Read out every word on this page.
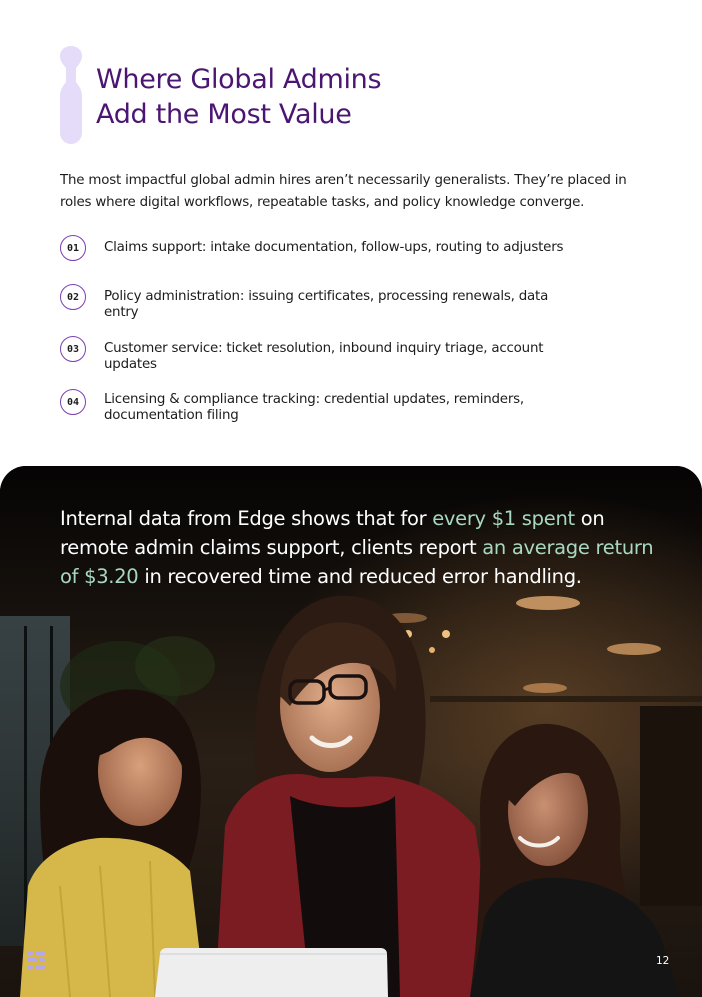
Where Global Admins
Add the Most Value

The most impactful global admin hires aren’t necessarily generalists. They’re placed in roles where digital workflows, repeatable tasks, and policy knowledge converge.

01	Claims support: intake documentation, follow-ups, routing to adjusters
02	Policy administration: issuing certificates, processing renewals, data entry
03	Customer service: ticket resolution, inbound inquiry triage, account updates
04	Licensing & compliance tracking: credential updates, reminders, documentation filing

Internal data from Edge shows that for every $1 spent on remote admin claims support, clients report an average return of $3.20 in recovered time and reduced error handling.

12
